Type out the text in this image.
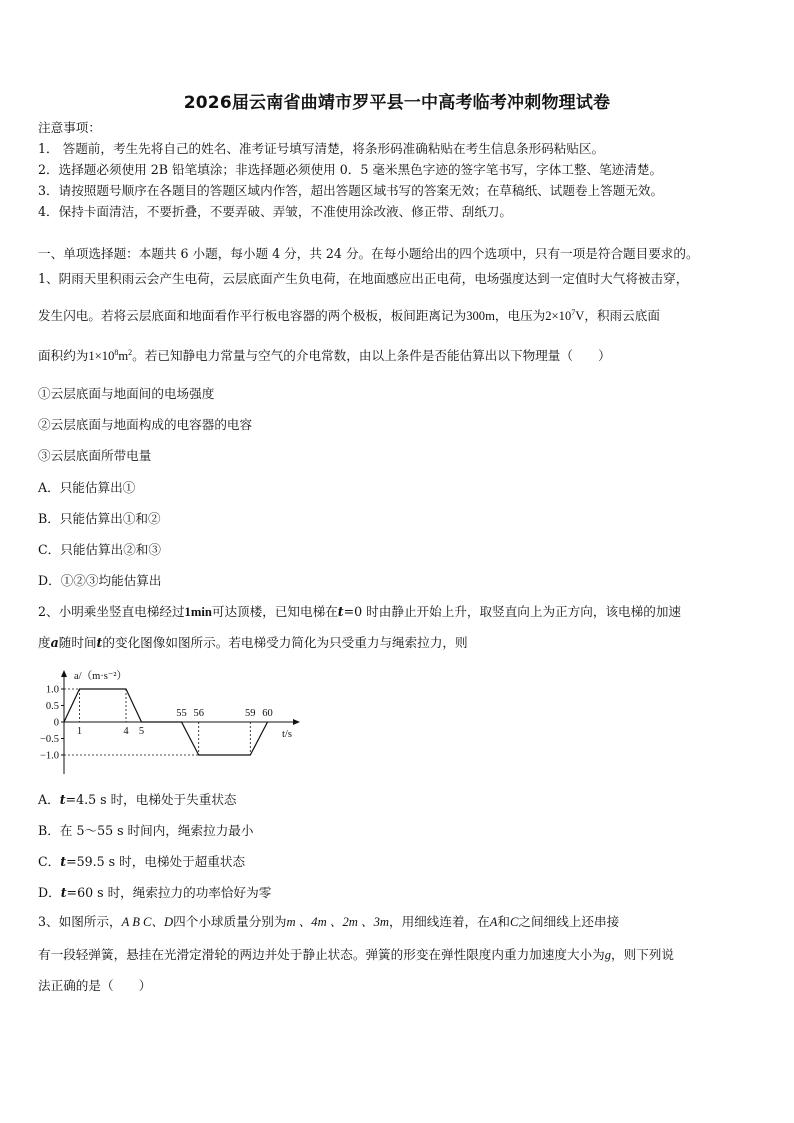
2026届云南省曲靖市罗平县一中高考临考冲刺物理试卷
注意事项：
1． 答题前，考生先将自己的姓名、准考证号填写清楚，将条形码准确粘贴在考生信息条形码粘贴区。
2．选择题必须使用 2B 铅笔填涂；非选择题必须使用 0．5 毫米黑色字迹的签字笔书写，字体工整、笔迹清楚。
3．请按照题号顺序在各题目的答题区域内作答，超出答题区域书写的答案无效；在草稿纸、试题卷上答题无效。
4．保持卡面清洁，不要折叠，不要弄破、弄皱，不准使用涂改液、修正带、刮纸刀。
一、单项选择题：本题共 6 小题，每小题 4 分，共 24 分。在每小题给出的四个选项中，只有一项是符合题目要求的。
1、阴雨天里积雨云会产生电荷，云层底面产生负电荷，在地面感应出正电荷，电场强度达到一定值时大气将被击穿，
发生闪电。若将云层底面和地面看作平行板电容器的两个极板，板间距离记为300m，电压为$2\times 10^7V$，积雨云底面
面积约为$1\times 10^8m^2$。若已知静电力常量与空气的介电常数，由以上条件是否能估算出以下物理量（　　）
①云层底面与地面间的电场强度
②云层底面与地面构成的电容器的电容
③云层底面所带电量
A．只能估算出①
B．只能估算出①和②
C．只能估算出②和③
D．①②③均能估算出
2、小明乘坐竖直电梯经过1min可达顶楼，已知电梯在t=0 时由静止开始上升，取竖直向上为正方向，该电梯的加速
度a随时间t的变化图像如图所示。若电梯受力简化为只受重力与绳索拉力，则
a/（m·s⁻²）
t/s
1.0
0.5
0
−0.5
−1.0
1	4 5
55 56	59 60
A．t=4.5 s 时，电梯处于失重状态
B．在 5～55 s 时间内，绳索拉力最小
C．t=59.5 s 时，电梯处于超重状态
D．t=60 s 时，绳索拉力的功率恰好为零
3、如图所示，A B C、D四个小球质量分别为m 、4m 、2m 、3m，用细线连着，在A和C之间细线上还串接
有一段轻弹簧，悬挂在光滑定滑轮的两边并处于静止状态。弹簧的形变在弹性限度内重力加速度大小为g，则下列说
法正确的是（　　）
